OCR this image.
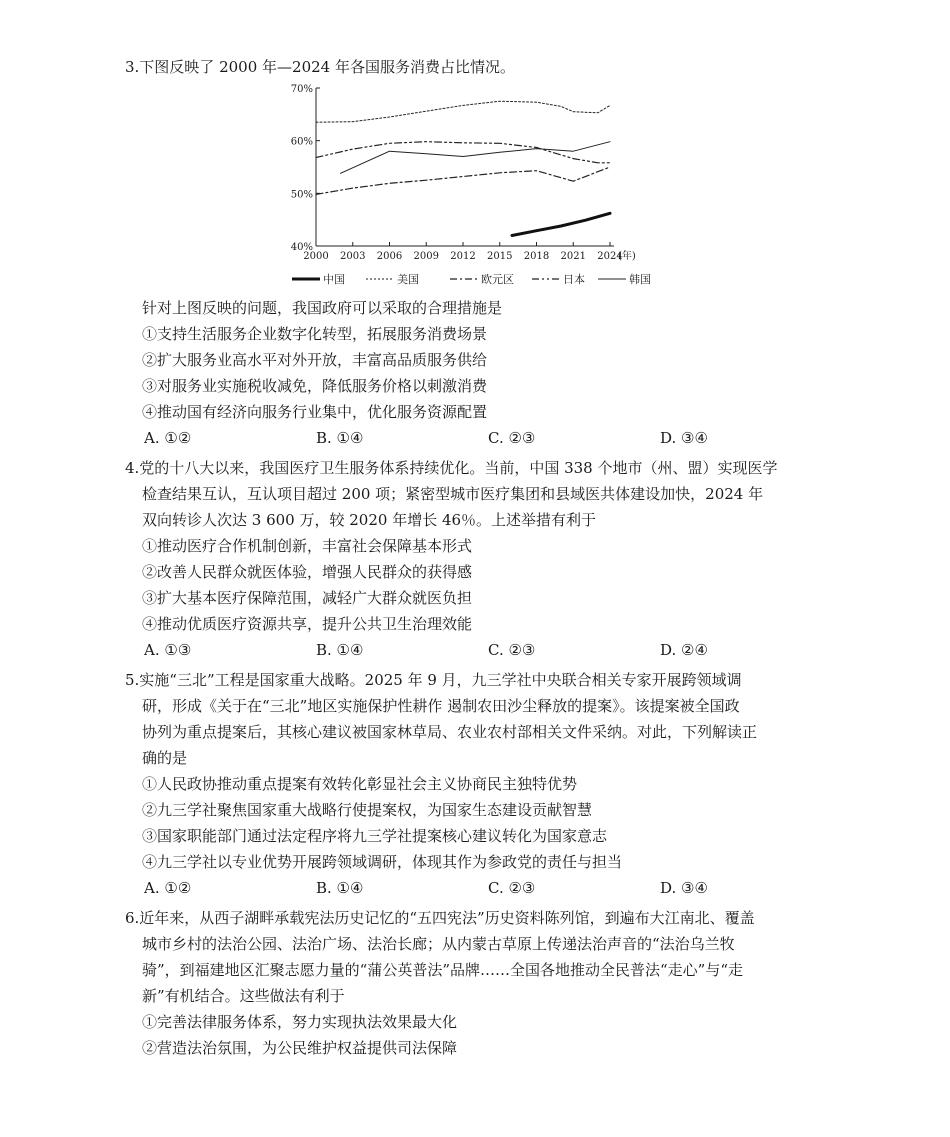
3.下图反映了 2000 年—2024 年各国服务消费占比情况。
40%
50%
60%
70%
2000 2003 2006 2009 2012 2015 2018 2021 2024
(年)
中国	美国	欧元区	日本	韩国
针对上图反映的问题，我国政府可以采取的合理措施是
①支持生活服务企业数字化转型，拓展服务消费场景
②扩大服务业高水平对外开放，丰富高品质服务供给
③对服务业实施税收减免，降低服务价格以刺激消费
④推动国有经济向服务行业集中，优化服务资源配置
A. ①②	B. ①④	C. ②③	D. ③④
4.党的十八大以来，我国医疗卫生服务体系持续优化。当前，中国 338 个地市（州、盟）实现医学
检查结果互认，互认项目超过 200 项；紧密型城市医疗集团和县域医共体建设加快，2024 年
双向转诊人次达 3 600 万，较 2020 年增长 46％。上述举措有利于
①推动医疗合作机制创新，丰富社会保障基本形式
②改善人民群众就医体验，增强人民群众的获得感
③扩大基本医疗保障范围，减轻广大群众就医负担
④推动优质医疗资源共享，提升公共卫生治理效能
A. ①③	B. ①④	C. ②③	D. ②④
5.实施“三北”工程是国家重大战略。2025 年 9 月，九三学社中央联合相关专家开展跨领域调
研，形成《关于在“三北”地区实施保护性耕作 遏制农田沙尘释放的提案》。该提案被全国政
协列为重点提案后，其核心建议被国家林草局、农业农村部相关文件采纳。对此，下列解读正
确的是
①人民政协推动重点提案有效转化彰显社会主义协商民主独特优势
②九三学社聚焦国家重大战略行使提案权，为国家生态建设贡献智慧
③国家职能部门通过法定程序将九三学社提案核心建议转化为国家意志
④九三学社以专业优势开展跨领域调研，体现其作为参政党的责任与担当
A. ①②	B. ①④	C. ②③	D. ③④
6.近年来，从西子湖畔承载宪法历史记忆的“五四宪法”历史资料陈列馆，到遍布大江南北、覆盖
城市乡村的法治公园、法治广场、法治长廊；从内蒙古草原上传递法治声音的“法治乌兰牧
骑”，到福建地区汇聚志愿力量的“蒲公英普法”品牌……全国各地推动全民普法“走心”与“走
新”有机结合。这些做法有利于
①完善法律服务体系，努力实现执法效果最大化
②营造法治氛围，为公民维护权益提供司法保障
